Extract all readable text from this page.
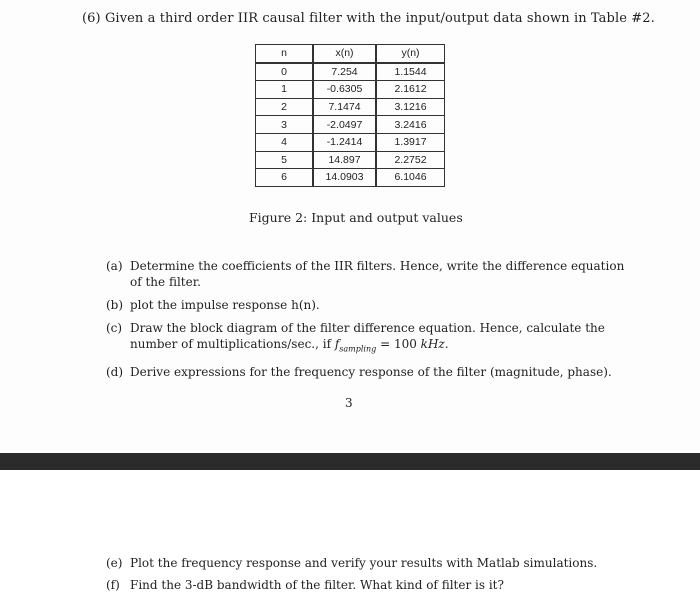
(6) Given a third order IIR causal filter with the input/output data shown in Table #2.
n	x(n)	y(n)
0	7.254	1.1544
1	-0.6305	2.1612
2	7.1474	3.1216
3	-2.0497	3.2416
4	-1.2414	1.3917
5	14.897	2.2752
6	14.0903	6.1046
Figure 2: Input and output values
(a) Determine the coefficients of the IIR filters. Hence, write the difference equation of the filter.
(b) plot the impulse response h(n).
(c) Draw the block diagram of the filter difference equation. Hence, calculate the number of multiplications/sec., if $f_{sampling} = 100$ kHz.
(d) Derive expressions for the frequency response of the filter (magnitude, phase).
3
(e) Plot the frequency response and verify your results with Matlab simulations.
(f) Find the 3-dB bandwidth of the filter. What kind of filter is it?
